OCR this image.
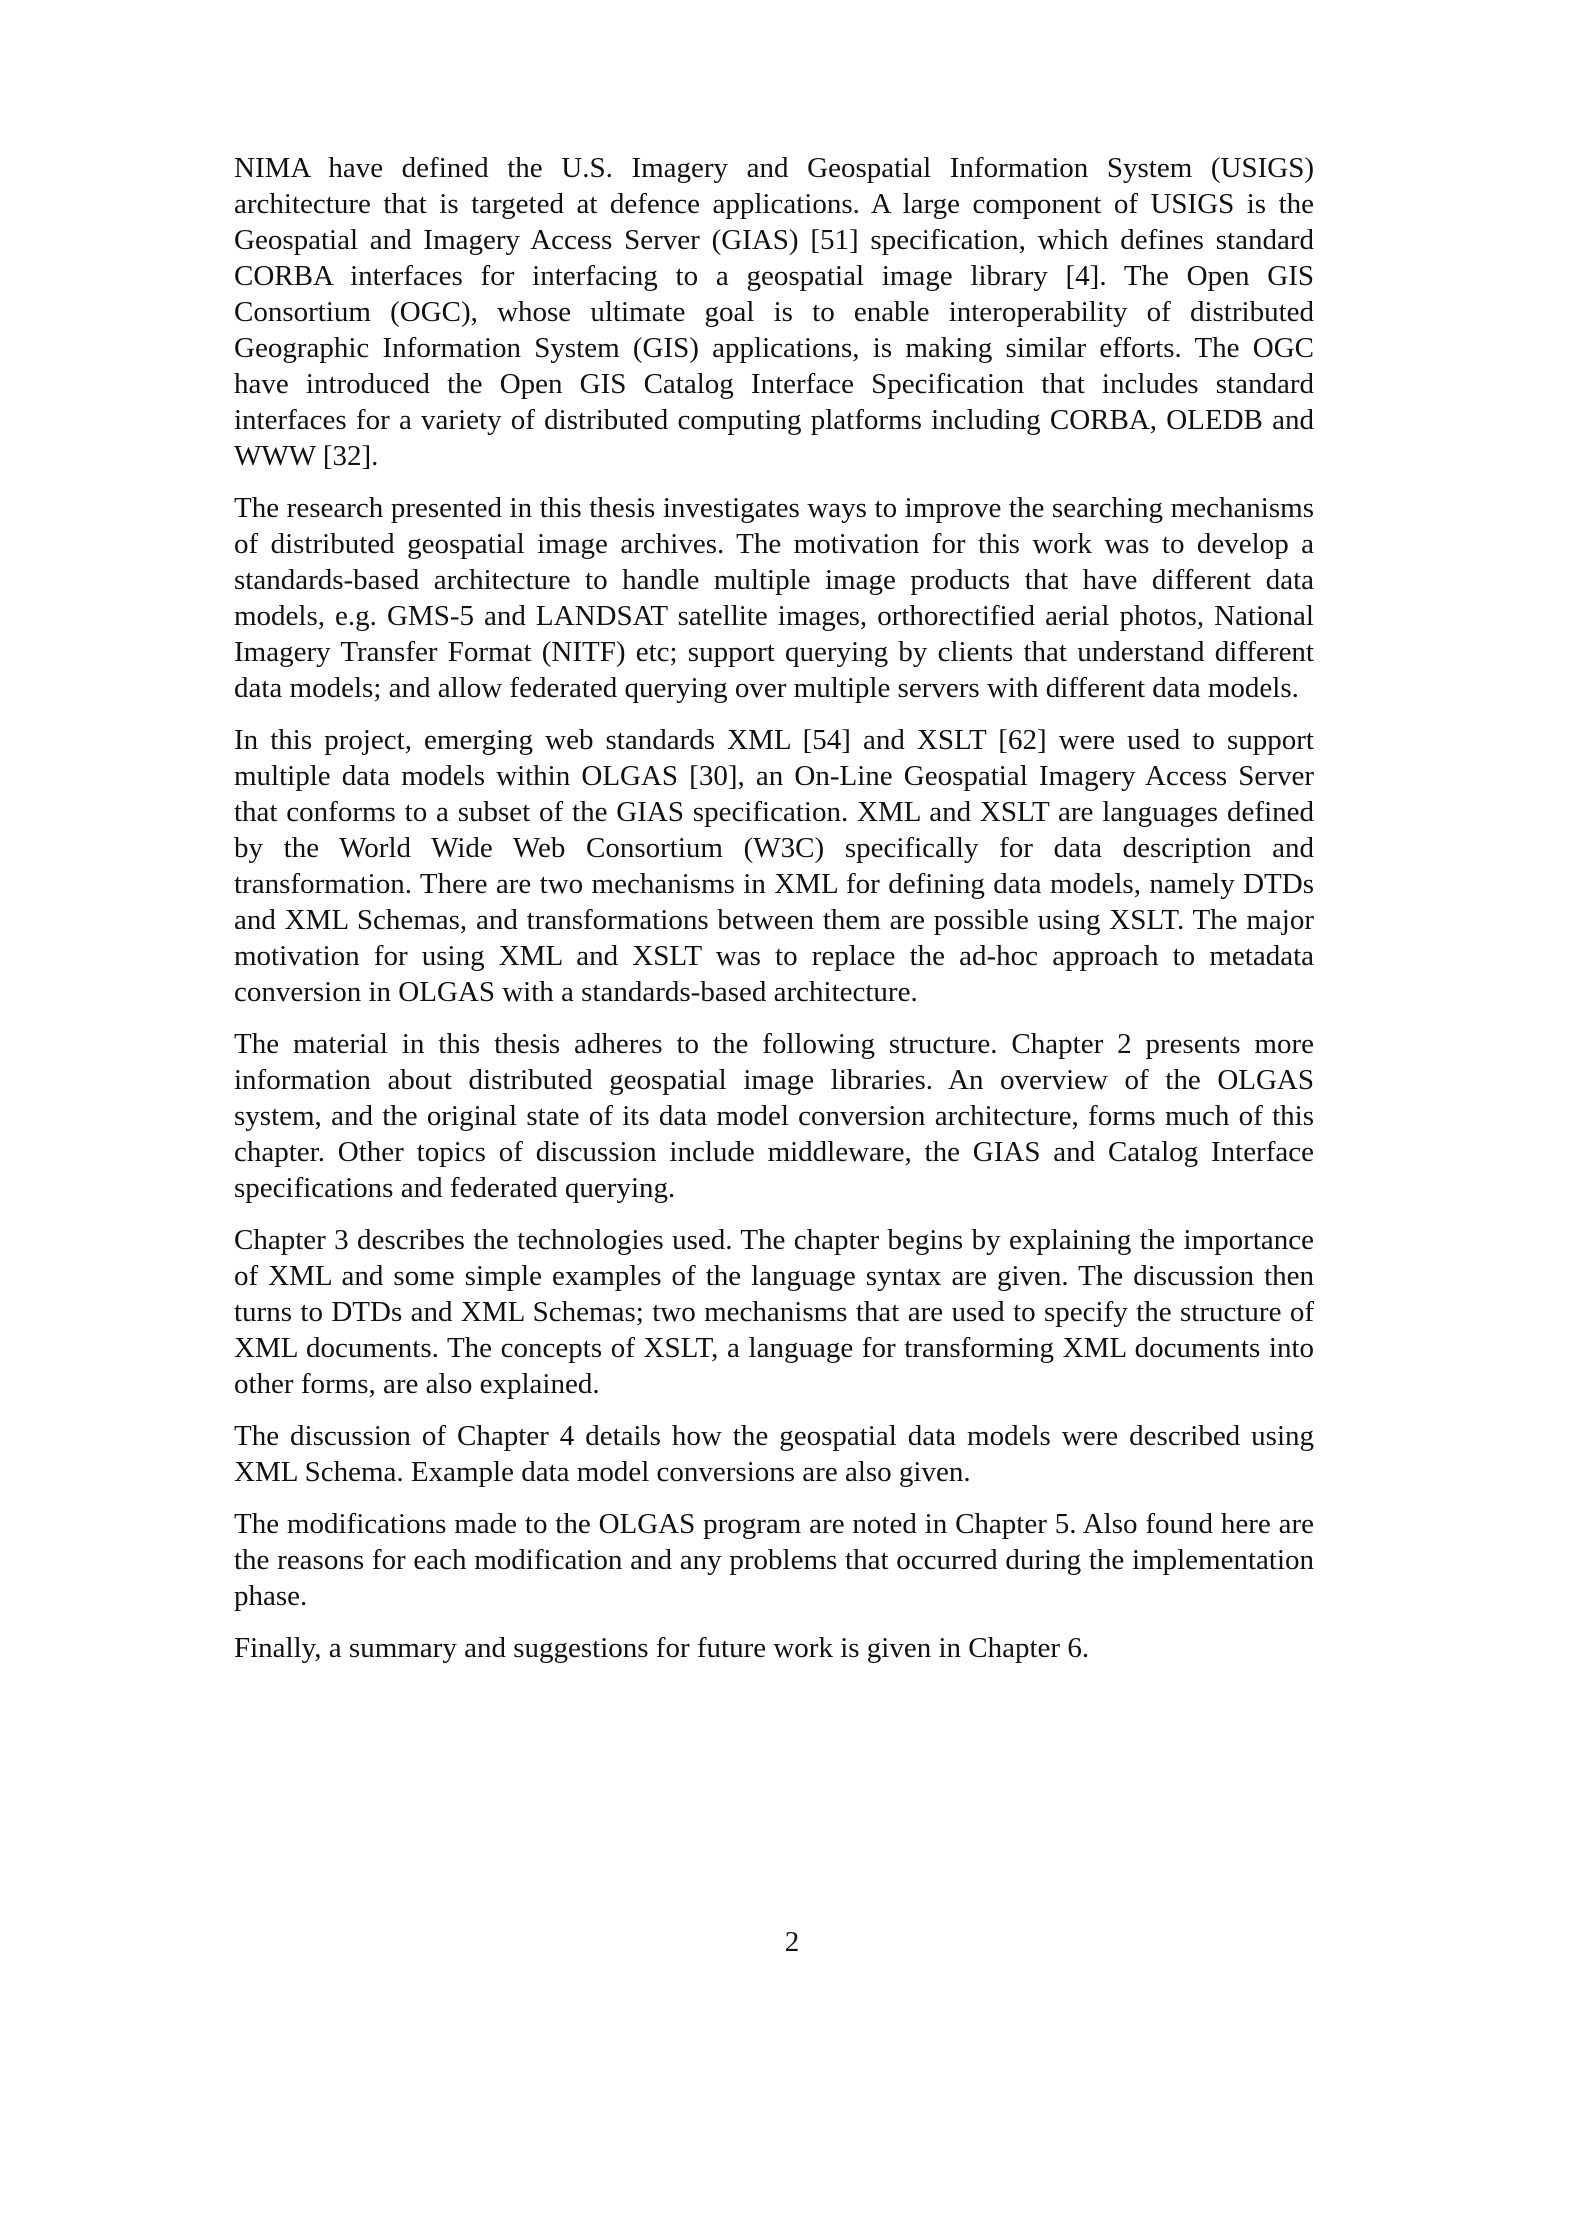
NIMA have defined the U.S. Imagery and Geospatial Information System (USIGS) architecture that is targeted at defence applications. A large component of USIGS is the Geospatial and Imagery Access Server (GIAS) [51] specification, which defines standard CORBA interfaces for interfacing to a geospatial image library [4]. The Open GIS Consortium (OGC), whose ultimate goal is to enable interoperability of distributed Geographic Information System (GIS) applications, is making similar efforts. The OGC have introduced the Open GIS Catalog Interface Specification that includes standard interfaces for a variety of distributed computing platforms including CORBA, OLEDB and WWW [32].

The research presented in this thesis investigates ways to improve the searching mechanisms of distributed geospatial image archives. The motivation for this work was to develop a standards-based architecture to handle multiple image products that have different data models, e.g. GMS-5 and LANDSAT satellite images, orthorectified aerial photos, National Imagery Transfer Format (NITF) etc; support querying by clients that understand different data models; and allow federated querying over multiple servers with different data models.

In this project, emerging web standards XML [54] and XSLT [62] were used to support multiple data models within OLGAS [30], an On-Line Geospatial Imagery Access Server that conforms to a subset of the GIAS specification. XML and XSLT are languages defined by the World Wide Web Consortium (W3C) specifically for data description and transformation. There are two mechanisms in XML for defining data models, namely DTDs and XML Schemas, and transformations between them are possible using XSLT. The major motivation for using XML and XSLT was to replace the ad-hoc approach to metadata conversion in OLGAS with a standards-based architecture.

The material in this thesis adheres to the following structure. Chapter 2 presents more information about distributed geospatial image libraries. An overview of the OLGAS system, and the original state of its data model conversion architecture, forms much of this chapter. Other topics of discussion include middleware, the GIAS and Catalog Interface specifications and federated querying.

Chapter 3 describes the technologies used. The chapter begins by explaining the importance of XML and some simple examples of the language syntax are given. The discussion then turns to DTDs and XML Schemas; two mechanisms that are used to specify the structure of XML documents. The concepts of XSLT, a language for transforming XML documents into other forms, are also explained.

The discussion of Chapter 4 details how the geospatial data models were described using XML Schema. Example data model conversions are also given.

The modifications made to the OLGAS program are noted in Chapter 5. Also found here are the reasons for each modification and any problems that occurred during the implementation phase.

Finally, a summary and suggestions for future work is given in Chapter 6.

2
